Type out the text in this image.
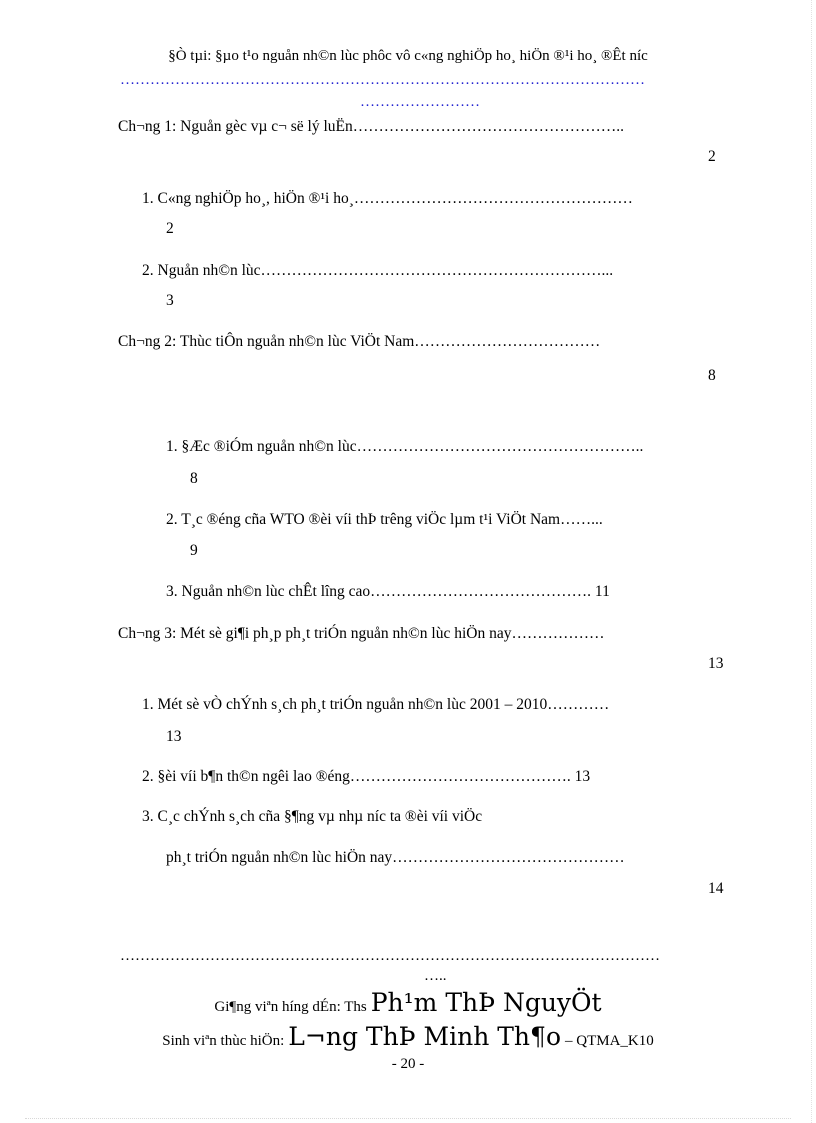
§Ò tµi: §µo t¹o nguån nh©n lùc phôc vô c«ng nghiÖp ho¸ hiÖn ®¹i ho¸ ®Êt níc
……………………………………………………………………………………………
……………………
Ch¬ng 1: Nguån gèc vµ c¬ së lý luËn……………………………………………..
2
1. C«ng nghiÖp ho¸, hiÖn ®¹i ho¸………………………………………………
2
2. Nguån nh©n lùc…………………………………………………………...
3
Ch¬ng 2: Thùc tiÔn nguån nh©n lùc ViÖt Nam………………………………
8
1. §Æc ®iÓm nguån nh©n lùc………………………………………………..
8
2. T¸c ®éng cña WTO ®èi víi thÞ trêng viÖc lµm t¹i ViÖt Nam……...
9
3. Nguån nh©n lùc chÊt lîng cao……………………………………. 11
Ch¬ng 3: Mét sè gi¶i ph¸p ph¸t triÓn nguån nh©n lùc hiÖn nay………………
13
1. Mét sè vÒ chÝnh s¸ch ph¸t triÓn nguån nh©n lùc 2001 – 2010…………
13
2. §èi víi b¶n th©n ngêi lao ®éng……………………………………. 13
3. C¸c chÝnh s¸ch cña §¶ng vµ nhµ níc ta ®èi víi viÖc
ph¸t triÓn nguån nh©n lùc hiÖn nay………………………………………
14
………………………………………………………………………………………………
…..
Gi¶ng viªn híng dÉn: Ths Ph¹m ThÞ NguyÖt
Sinh viªn thùc hiÖn: L¬ng ThÞ Minh Th¶o – QTMA_K10
- 20 -
